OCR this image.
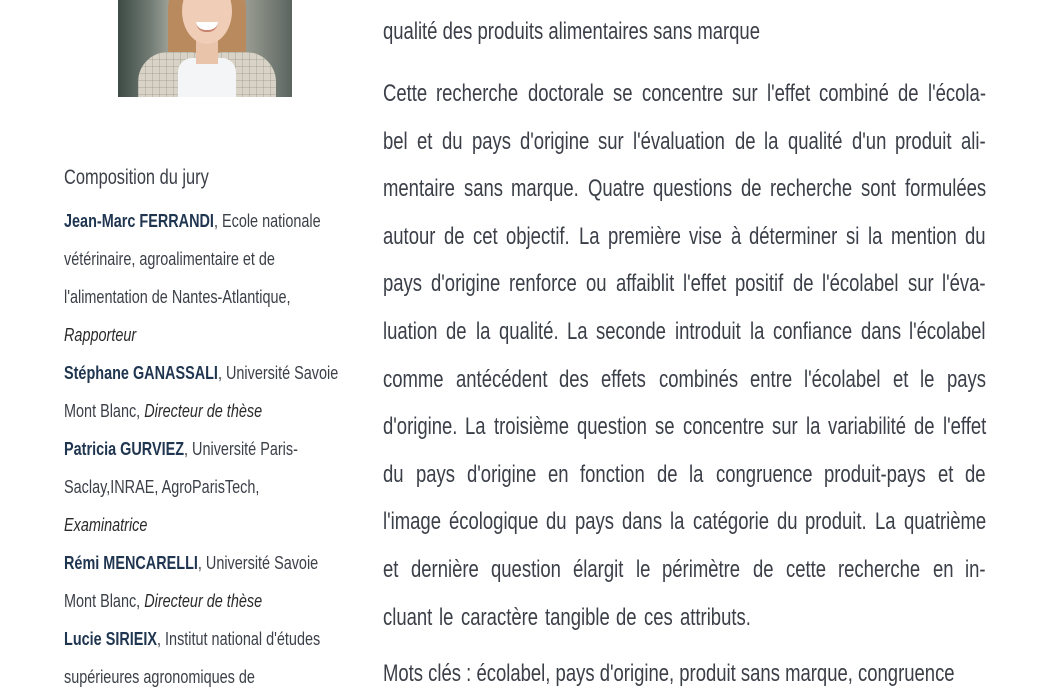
Composition du jury
Jean-Marc FERRANDI, Ecole nationale
vétérinaire, agroalimentaire et de
l'alimentation de Nantes-Atlantique,
Rapporteur
Stéphane GANASSALI, Université Savoie
Mont Blanc, Directeur de thèse
Patricia GURVIEZ, Université Paris-
Saclay,INRAE, AgroParisTech,
Examinatrice
Rémi MENCARELLI, Université Savoie
Mont Blanc, Directeur de thèse
Lucie SIRIEIX, Institut national d'études
supérieures agronomiques de
qualité des produits alimentaires sans marque
Cette recherche doctorale se concentre sur l'effet combiné de l'écola-
bel et du pays d'origine sur l'évaluation de la qualité d'un produit ali-
mentaire sans marque. Quatre questions de recherche sont formulées
autour de cet objectif. La première vise à déterminer si la mention du
pays d'origine renforce ou affaiblit l'effet positif de l'écolabel sur l'éva-
luation de la qualité. La seconde introduit la confiance dans l'écolabel
comme antécédent des effets combinés entre l'écolabel et le pays
d'origine. La troisième question se concentre sur la variabilité de l'effet
du pays d'origine en fonction de la congruence produit-pays et de
l'image écologique du pays dans la catégorie du produit. La quatrième
et dernière question élargit le périmètre de cette recherche en in-
cluant le caractère tangible de ces attributs.
Mots clés : écolabel, pays d'origine, produit sans marque, congruence
